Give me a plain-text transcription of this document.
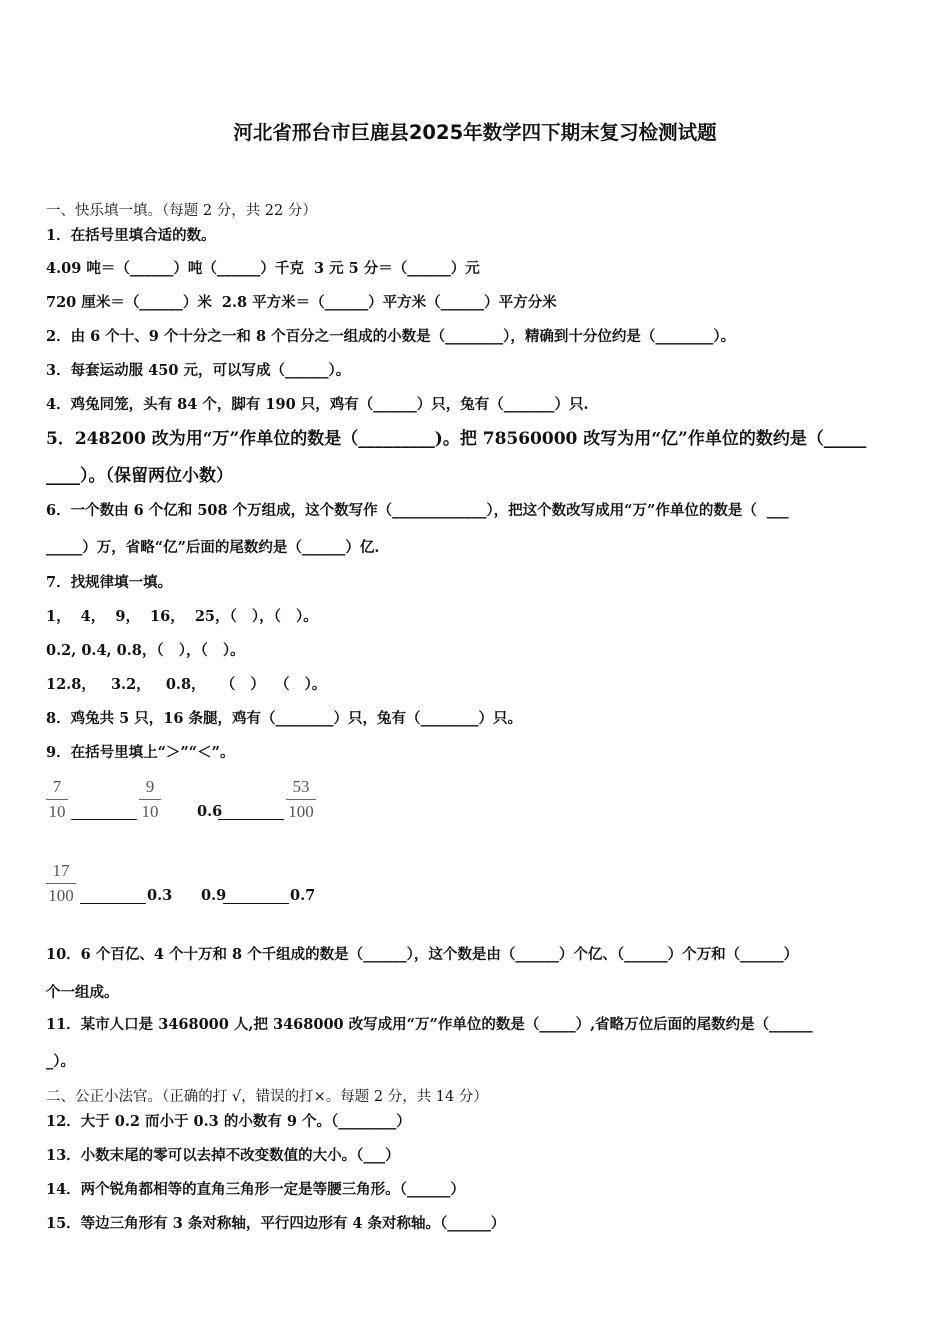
河北省邢台市巨鹿县2025年数学四下期末复习检测试题
一、快乐填一填。（每题 2 分，共 22 分）
1．在括号里填合适的数。
4.09 吨＝（______）吨（______）千克  3 元 5 分＝（______）元
720 厘米＝（______）米  2.8 平方米＝（______）平方米（______）平方分米
2．由 6 个十、9 个十分之一和 8 个百分之一组成的小数是（________），精确到十分位约是（________）。
3．每套运动服 450 元，可以写成（______）。
4．鸡兔同笼，头有 84 个，脚有 190 只，鸡有（______）只，兔有（_______）只.
5．248200 改为用“万”作单位的数是（_________)。把 78560000 改写为用“亿”作单位的数约是（_____
____）。（保留两位小数）
6．一个数由 6 个亿和 508 个万组成，这个数写作（_____________），把这个数改写成用“万”作单位的数是（  ___
_____）万，省略“亿”后面的尾数约是（______）亿.
7．找规律填一填。
1，  4，  9，  16，  25，（   ），（   ）。
0.2, 0.4, 0.8，（   ），（   ）。
12.8，   3.2，   0.8，   （   ）  （   ）。
8．鸡兔共 5 只，16 条腿，鸡有（________）只，兔有（________）只。
9．在括号里填上“＞”“＜”。
7
10
9
10	0.6
53
100
17
100	0.3 0.9	0.7
10．6 个百亿、4 个十万和 8 个千组成的数是（______），这个数是由（______）个亿、（______）个万和（______）
个一组成。
11．某市人口是 3468000 人,把 3468000 改写成用“万”作单位的数是（_____）,省略万位后面的尾数约是（______
_）。
二、公正小法官。（正确的打 √，错误的打×。每题 2 分，共 14 分）
12．大于 0.2 而小于 0.3 的小数有 9 个。（________）
13．小数末尾的零可以去掉不改变数值的大小。（___）
14．两个锐角都相等的直角三角形一定是等腰三角形。（______）
15．等边三角形有 3 条对称轴，平行四边形有 4 条对称轴。（______）
